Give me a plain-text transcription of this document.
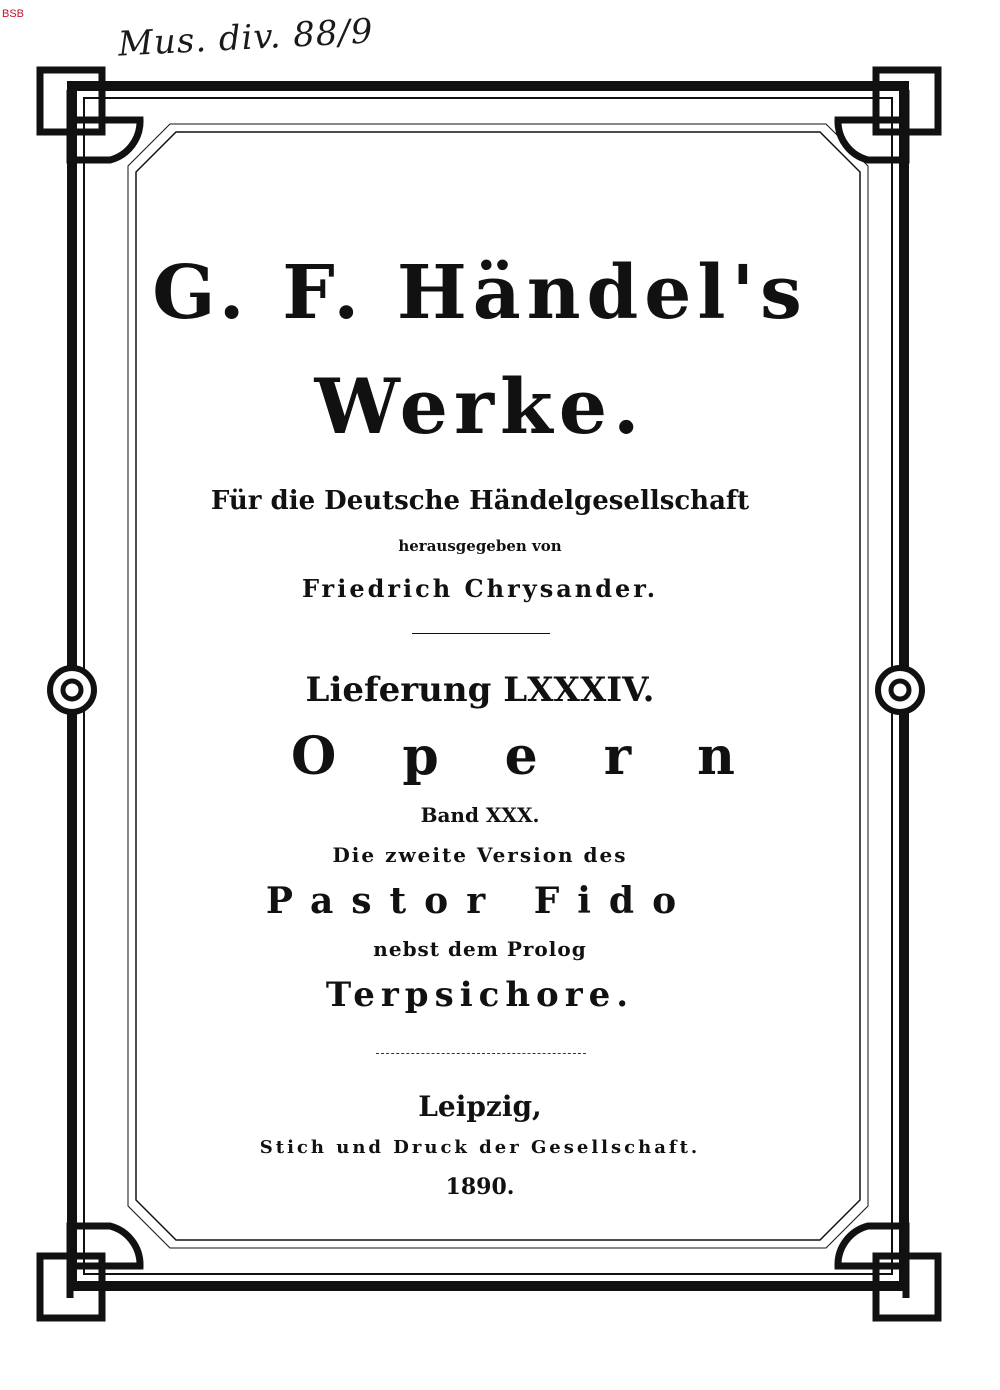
BSB	Mus. div. 88/9
G. F. Händel's
Werke.
Für die Deutsche Händelgesellschaft
herausgegeben von
Friedrich Chrysander.
Lieferung LXXXIV.
Opern
Band XXX.
Die zweite Version des
Pastor Fido
nebst dem Prolog
Terpsichore.
Leipzig,
Stich und Druck der Gesellschaft.
1890.
